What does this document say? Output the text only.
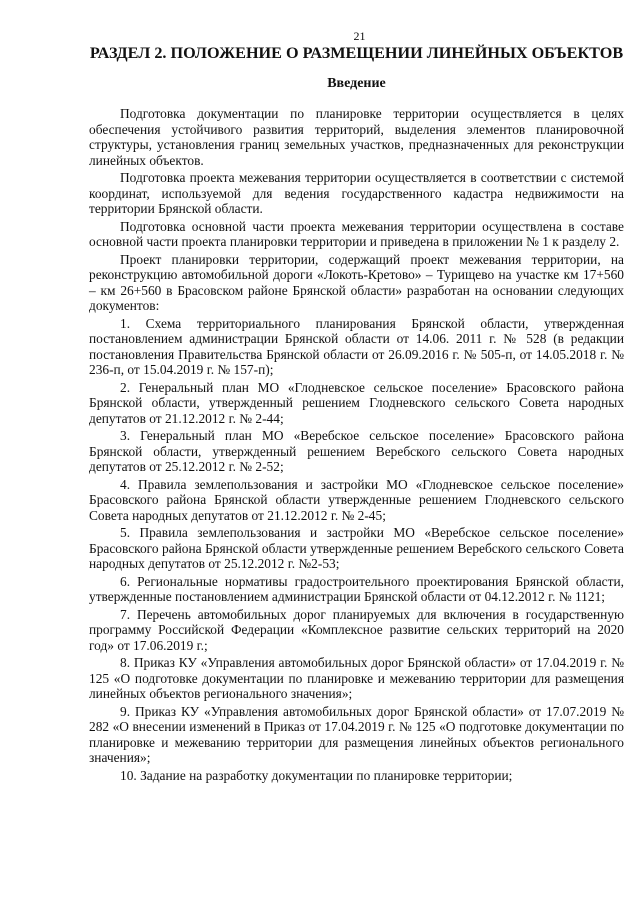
21
РАЗДЕЛ 2. ПОЛОЖЕНИЕ О РАЗМЕЩЕНИИ ЛИНЕЙНЫХ ОБЪЕКТОВ
Введение

Подготовка документации по планировке территории осуществляется в целях обеспечения устойчивого развития территорий, выделения элементов планировочной структуры, установления границ земельных участков, предназначенных для реконструкции линейных объектов.

Подготовка проекта межевания территории осуществляется в соответствии с системой координат, используемой для ведения государственного кадастра недвижимости на территории Брянской области.

Подготовка основной части проекта межевания территории осуществлена в составе основной части проекта планировки территории и приведена в приложении № 1 к разделу 2.

Проект планировки территории, содержащий проект межевания территории, на реконструкцию автомобильной дороги «Локоть-Кретово» – Турищево на участке км 17+560 – км 26+560 в Брасовском районе Брянской области» разработан на основании следующих документов:

1. Схема территориального планирования Брянской области, утвержденная постановлением администрации Брянской области от 14.06. 2011 г. № 528 (в редакции постановления Правительства Брянской области от 26.09.2016 г. № 505-п, от 14.05.2018 г. № 236-п, от 15.04.2019 г. № 157-п);

2. Генеральный план МО «Глодневское сельское поселение» Брасовского района Брянской области, утвержденный решением Глодневского сельского Совета народных депутатов от 21.12.2012 г. № 2-44;

3. Генеральный план МО «Веребское сельское поселение» Брасовского района Брянской области, утвержденный решением Веребского сельского Совета народных депутатов от 25.12.2012 г. № 2-52;

4. Правила землепользования и застройки МО «Глодневское сельское поселение» Брасовского района Брянской области утвержденные решением Глодневского сельского Совета народных депутатов от 21.12.2012 г. № 2-45;

5. Правила землепользования и застройки МО «Веребское сельское поселение» Брасовского района Брянской области утвержденные решением Веребского сельского Совета народных депутатов от 25.12.2012 г. №2-53;

6. Региональные нормативы градостроительного проектирования Брянской области, утвержденные постановлением администрации Брянской области от 04.12.2012 г. № 1121;

7. Перечень автомобильных дорог планируемых для включения в государственную программу Российской Федерации «Комплексное развитие сельских территорий на 2020 год» от 17.06.2019 г.;

8. Приказ КУ «Управления автомобильных дорог Брянской области» от 17.04.2019 г. № 125 «О подготовке документации по планировке и межеванию территории для размещения линейных объектов регионального значения»;

9. Приказ КУ «Управления автомобильных дорог Брянской области» от 17.07.2019 № 282 «О внесении изменений в Приказ от 17.04.2019 г. № 125 «О подготовке документации по планировке и межеванию территории для размещения линейных объектов регионального значения»;

10. Задание на разработку документации по планировке территории;
